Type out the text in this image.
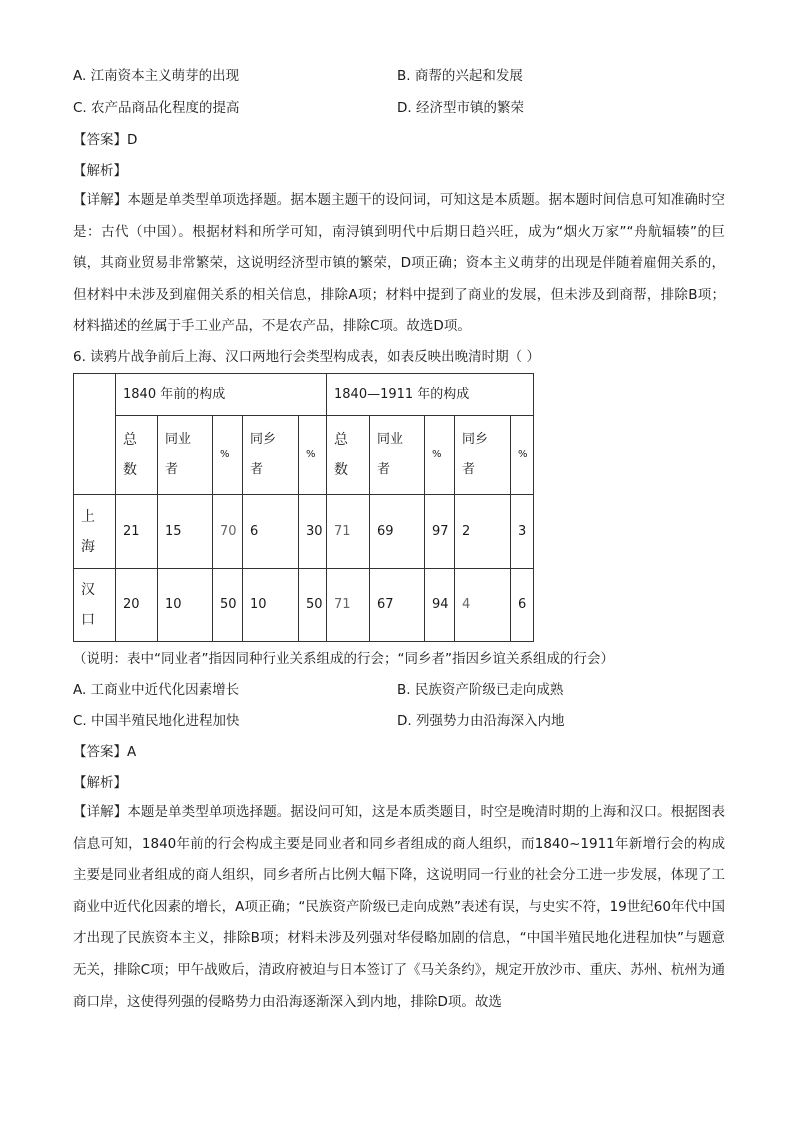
A. 江南资本主义萌芽的出现	B. 商帮的兴起和发展
C. 农产品商品化程度的提高	D. 经济型市镇的繁荣
【答案】D
【解析】
【详解】本题是单类型单项选择题。据本题主题干的设问词，可知这是本质题。据本题时间信息可知准确时空是：古代（中国）。根据材料和所学可知，南浔镇到明代中后期日趋兴旺，成为“烟火万家”“舟航辐辏”的巨镇，其商业贸易非常繁荣，这说明经济型市镇的繁荣，D项正确；资本主义萌芽的出现是伴随着雇佣关系的，但材料中未涉及到雇佣关系的相关信息，排除A项；材料中提到了商业的发展，但未涉及到商帮，排除B项；材料描述的丝属于手工业产品，不是农产品，排除C项。故选D项。
6. 读鸦片战争前后上海、汉口两地行会类型构成表，如表反映出晚清时期（ ）
	1840 年前的构成					1840—1911 年的构成				
	总数	同业者	%	同乡者	%	总数	同业者	%	同乡者	%
上海	21	15	70	6	30	71	69	97	2	3
汉口	20	10	50	10	50	71	67	94	4	6
（说明：表中“同业者”指因同种行业关系组成的行会；“同乡者”指因乡谊关系组成的行会）
A. 工商业中近代化因素增长	B. 民族资产阶级已走向成熟
C. 中国半殖民地化进程加快	D. 列强势力由沿海深入内地
【答案】A
【解析】
【详解】本题是单类型单项选择题。据设问可知，这是本质类题目，时空是晚清时期的上海和汉口。根据图表信息可知，1840年前的行会构成主要是同业者和同乡者组成的商人组织，而1840~1911年新增行会的构成主要是同业者组成的商人组织，同乡者所占比例大幅下降，这说明同一行业的社会分工进一步发展，体现了工商业中近代化因素的增长，A项正确；“民族资产阶级已走向成熟”表述有误，与史实不符，19世纪60年代中国才出现了民族资本主义，排除B项；材料未涉及列强对华侵略加剧的信息，“中国半殖民地化进程加快”与题意无关，排除C项；甲午战败后，清政府被迫与日本签订了《马关条约》，规定开放沙市、重庆、苏州、杭州为通商口岸，这使得列强的侵略势力由沿海逐渐深入到内地，排除D项。故选
